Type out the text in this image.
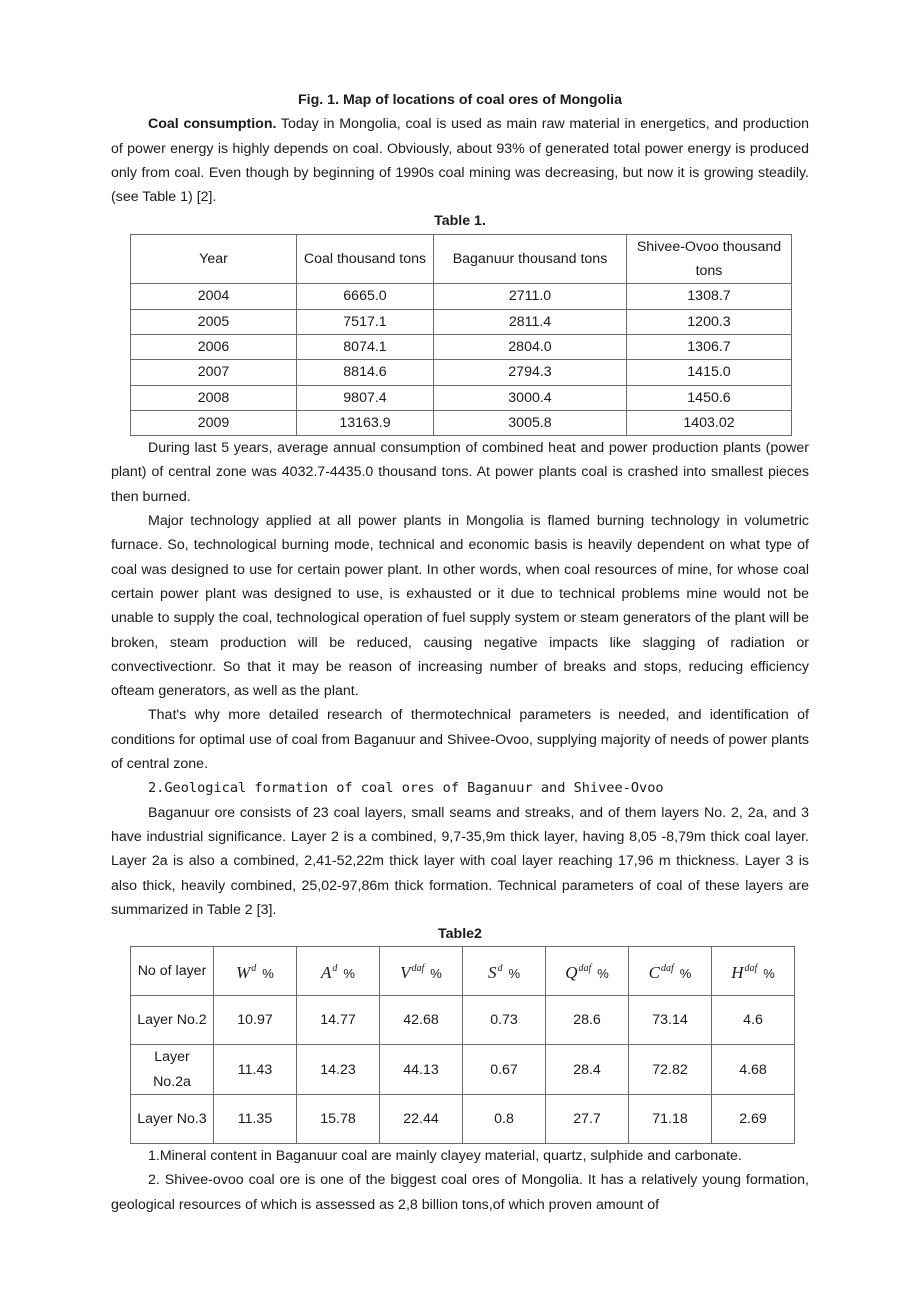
Fig. 1. Map of locations of coal ores of Mongolia

Coal consumption. Today in Mongolia, coal is used as main raw material in energetics, and production of power energy is highly depends on coal. Obviously, about 93% of generated total power energy is produced only from coal. Even though by beginning of 1990s coal mining was decreasing, but now it is growing steadily. (see Table 1) [2].

Table 1.

Year	Coal thousand tons	Baganuur thousand tons	Shivee-Ovoo thousand tons
2004	6665.0	2711.0	1308.7
2005	7517.1	2811.4	1200.3
2006	8074.1	2804.0	1306.7
2007	8814.6	2794.3	1415.0
2008	9807.4	3000.4	1450.6
2009	13163.9	3005.8	1403.02

During last 5 years, average annual consumption of combined heat and power production plants (power plant) of central zone was 4032.7-4435.0 thousand tons. At power plants coal is crashed into smallest pieces then burned.

Major technology applied at all power plants in Mongolia is flamed burning technology in volumetric furnace. So, technological burning mode, technical and economic basis is heavily dependent on what type of coal was designed to use for certain power plant. In other words, when coal resources of mine, for whose coal certain power plant was designed to use, is exhausted or it due to technical problems mine would not be unable to supply the coal, technological operation of fuel supply system or steam generators of the plant will be broken, steam production will be reduced, causing negative impacts like slagging of radiation or convectivectionr. So that it may be reason of increasing number of breaks and stops, reducing efficiency ofteam generators, as well as the plant.

That's why more detailed research of thermotechnical parameters is needed, and identification of conditions for optimal use of coal from Baganuur and Shivee-Ovoo, supplying majority of needs of power plants of central zone.

2.Geological formation of coal ores of Baganuur and Shivee-Ovoo

Baganuur ore consists of 23 coal layers, small seams and streaks, and of them layers No. 2, 2a, and 3 have industrial significance. Layer 2 is a combined, 9,7-35,9m thick layer, having 8,05 -8,79m thick coal layer. Layer 2a is also a combined, 2,41-52,22m thick layer with coal layer reaching 17,96 m thickness. Layer 3 is also thick, heavily combined, 25,02-97,86m thick formation. Technical parameters of coal of these layers are summarized in Table 2 [3].

Table2

No of layer	$W^d$ %	$A^d$ %	$V^{daf}$ %	$S^d$ %	$Q^{daf}$ %	$C^{daf}$ %	$H^{daf}$ %
Layer No.2	10.97	14.77	42.68	0.73	28.6	73.14	4.6
Layer No.2a	11.43	14.23	44.13	0.67	28.4	72.82	4.68
Layer No.3	11.35	15.78	22.44	0.8	27.7	71.18	2.69

1.Mineral content in Baganuur coal are mainly clayey material, quartz, sulphide and carbonate.

2. Shivee-ovoo coal ore is one of the biggest coal ores of Mongolia. It has a relatively young formation, geological resources of which is assessed as 2,8 billion tons,of which proven amount of
